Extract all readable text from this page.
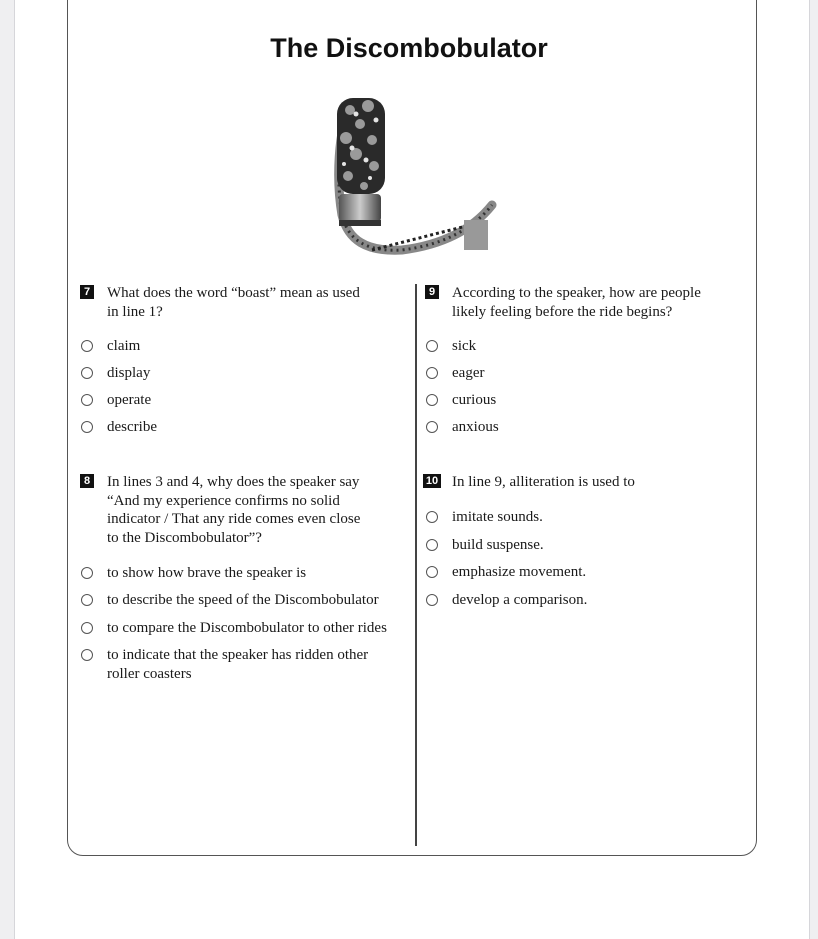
The Discombobulator
7 What does the word “boast” mean as used
in line 1?
claim
display
operate
describe
8 In lines 3 and 4, why does the speaker say
“And my experience confirms no solid
indicator / That any ride comes even close
to the Discombobulator”?
to show how brave the speaker is
to describe the speed of the Discombobulator
to compare the Discombobulator to other rides
to indicate that the speaker has ridden other
roller coasters
9 According to the speaker, how are people
likely feeling before the ride begins?
sick
eager
curious
anxious
10 In line 9, alliteration is used to
imitate sounds.
build suspense.
emphasize movement.
develop a comparison.
